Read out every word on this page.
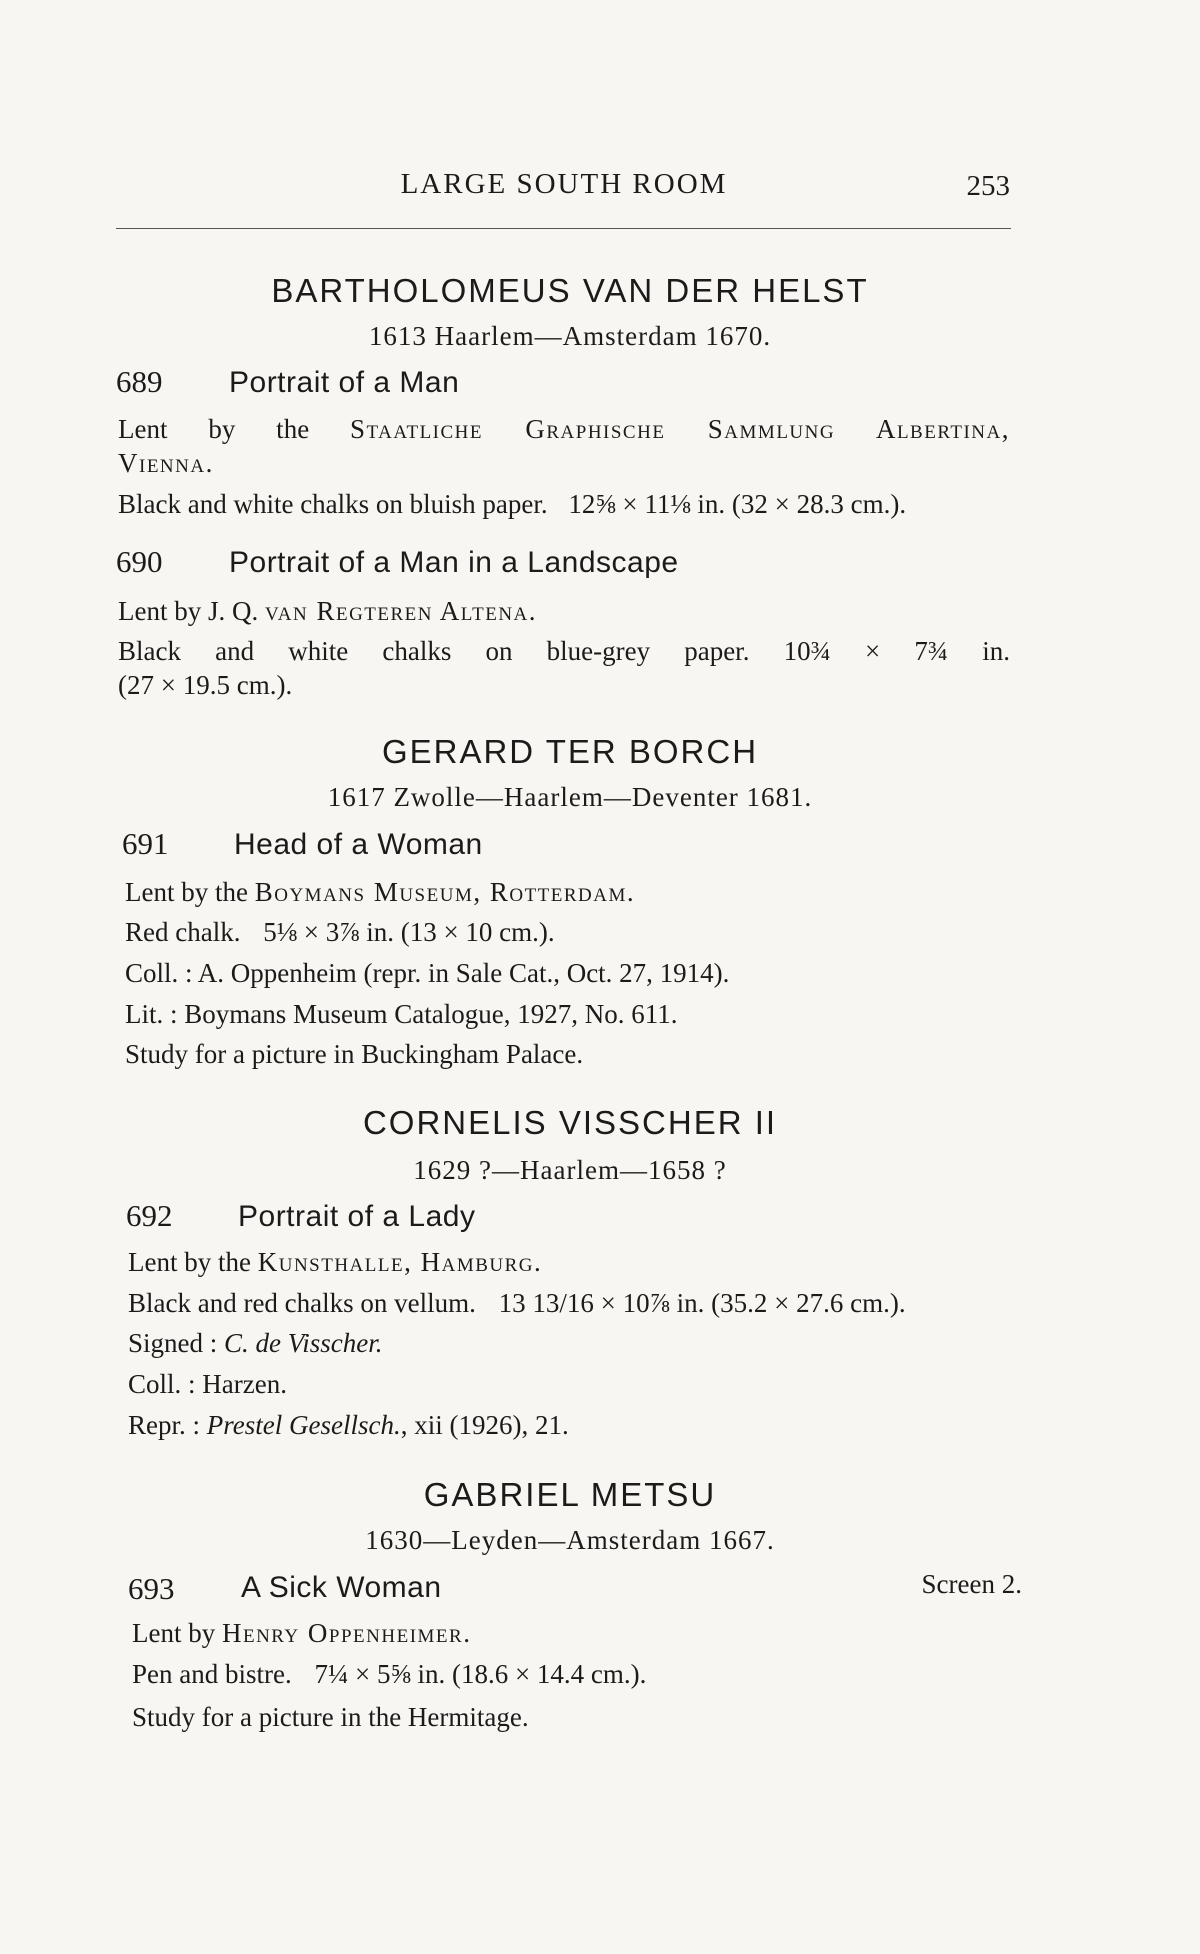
LARGE SOUTH ROOM	253
BARTHOLOMEUS VAN DER HELST
1613 Haarlem—Amsterdam 1670.
689 Portrait of a Man
Lent by the Staatliche Graphische Sammlung Albertina,
Vienna.
Black and white chalks on bluish paper. 12⅝ × 11⅛ in. (32 × 28.3 cm.).
690 Portrait of a Man in a Landscape
Lent by J. Q. van Regteren Altena.
Black and white chalks on blue-grey paper. 10¾ × 7¾ in.
(27 × 19.5 cm.).
GERARD TER BORCH
1617 Zwolle—Haarlem—Deventer 1681.
691 Head of a Woman
Lent by the Boymans Museum, Rotterdam.
Red chalk. 5⅛ × 3⅞ in. (13 × 10 cm.).
Coll. : A. Oppenheim (repr. in Sale Cat., Oct. 27, 1914).
Lit. : Boymans Museum Catalogue, 1927, No. 611.
Study for a picture in Buckingham Palace.
CORNELIS VISSCHER II
1629 ?—Haarlem—1658 ?
692 Portrait of a Lady
Lent by the Kunsthalle, Hamburg.
Black and red chalks on vellum. 13 13/16 × 10⅞ in. (35.2 × 27.6 cm.).
Signed : C. de Visscher.
Coll. : Harzen.
Repr. : Prestel Gesellsch., xii (1926), 21.
GABRIEL METSU
1630—Leyden—Amsterdam 1667.
693 A Sick Woman	Screen 2.
Lent by Henry Oppenheimer.
Pen and bistre. 7¼ × 5⅝ in. (18.6 × 14.4 cm.).
Study for a picture in the Hermitage.
